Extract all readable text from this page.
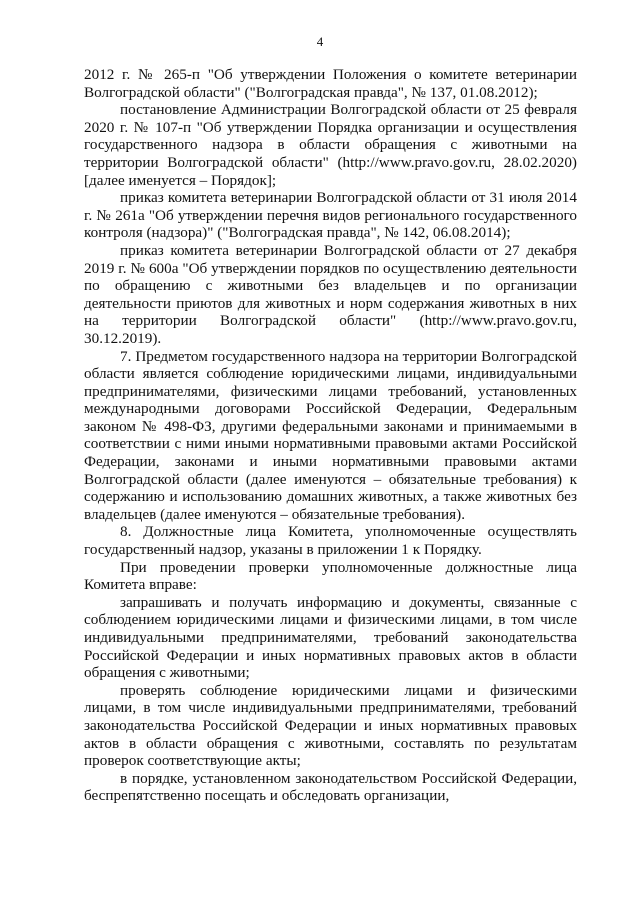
4

2012 г. № 265-п "Об утверждении Положения о комитете ветеринарии Волгоградской области" ("Волгоградская правда", № 137, 01.08.2012);

постановление Администрации Волгоградской области от 25 февраля 2020 г. № 107-п "Об утверждении Порядка организации и осуществления государственного надзора в области обращения с животными на территории Волгоградской области" (http://www.pravo.gov.ru, 28.02.2020) [далее именуется – Порядок];

приказ комитета ветеринарии Волгоградской области от 31 июля 2014 г. № 261а "Об утверждении перечня видов регионального государственного контроля (надзора)" ("Волгоградская правда", № 142, 06.08.2014);

приказ комитета ветеринарии Волгоградской области от 27 декабря 2019 г. № 600а "Об утверждении порядков по осуществлению деятельности по обращению с животными без владельцев и по организации деятельности приютов для животных и норм содержания животных в них на территории Волгоградской области" (http://www.pravo.gov.ru, 30.12.2019).

7. Предметом государственного надзора на территории Волгоградской области является соблюдение юридическими лицами, индивидуальными предпринимателями, физическими лицами требований, установленных международными договорами Российской Федерации, Федеральным законом № 498-ФЗ, другими федеральными законами и принимаемыми в соответствии с ними иными нормативными правовыми актами Российской Федерации, законами и иными нормативными правовыми актами Волгоградской области (далее именуются – обязательные требования) к содержанию и использованию домашних животных, а также животных без владельцев (далее именуются – обязательные требования).

8. Должностные лица Комитета, уполномоченные осуществлять государственный надзор, указаны в приложении 1 к Порядку.

При проведении проверки уполномоченные должностные лица Комитета вправе:

запрашивать и получать информацию и документы, связанные с соблюдением юридическими лицами и физическими лицами, в том числе индивидуальными предпринимателями, требований законодательства Российской Федерации и иных нормативных правовых актов в области обращения с животными;

проверять соблюдение юридическими лицами и физическими лицами, в том числе индивидуальными предпринимателями, требований законодательства Российской Федерации и иных нормативных правовых актов в области обращения с животными, составлять по результатам проверок соответствующие акты;

в порядке, установленном законодательством Российской Федерации, беспрепятственно посещать и обследовать организации,
